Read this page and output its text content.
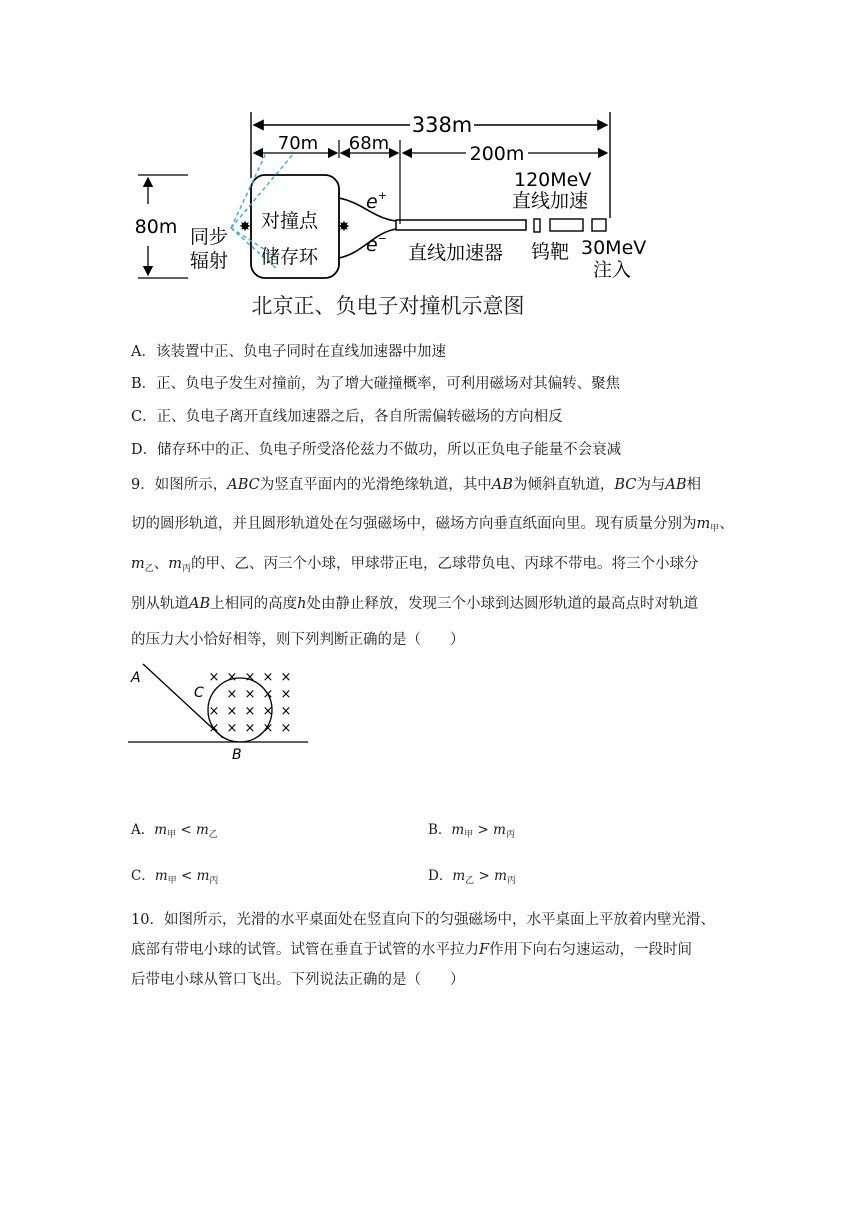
338m
70m 68m	200m
80m	✸	✸
同步
辐射
对撞点
储存环
e+
e−
直线加速器 钨靶
120MeV
直线加速
30MeV
注入
北京正、负电子对撞机示意图
A．该装置中正、负电子同时在直线加速器中加速
B．正、负电子发生对撞前，为了增大碰撞概率，可利用磁场对其偏转、聚焦
C．正、负电子离开直线加速器之后，各自所需偏转磁场的方向相反
D．储存环中的正、负电子所受洛伦兹力不做功，所以正负电子能量不会衰减
9．如图所示，ABC为竖直平面内的光滑绝缘轨道，其中AB为倾斜直轨道，BC为与AB相
切的圆形轨道，并且圆形轨道处在匀强磁场中，磁场方向垂直纸面向里。现有质量分别为$m_甲$、
$m_乙$、$m_丙$的甲、乙、丙三个小球，甲球带正电，乙球带负电、丙球不带电。将三个小球分
别从轨道AB上相同的高度h处由静止释放，发现三个小球到达圆形轨道的最高点时对轨道
的压力大小恰好相等，则下列判断正确的是（　　）
× × × × ×
× × × ×
× × × × ×
× × × × ×
A
C
B
A．$m_甲 < m_乙$	B．$m_甲 > m_丙$
C．$m_甲 < m_丙$	D．$m_乙 > m_丙$
10．如图所示，光滑的水平桌面处在竖直向下的匀强磁场中，水平桌面上平放着内壁光滑、
底部有带电小球的试管。试管在垂直于试管的水平拉力F作用下向右匀速运动，一段时间
后带电小球从管口飞出。下列说法正确的是（　　）
